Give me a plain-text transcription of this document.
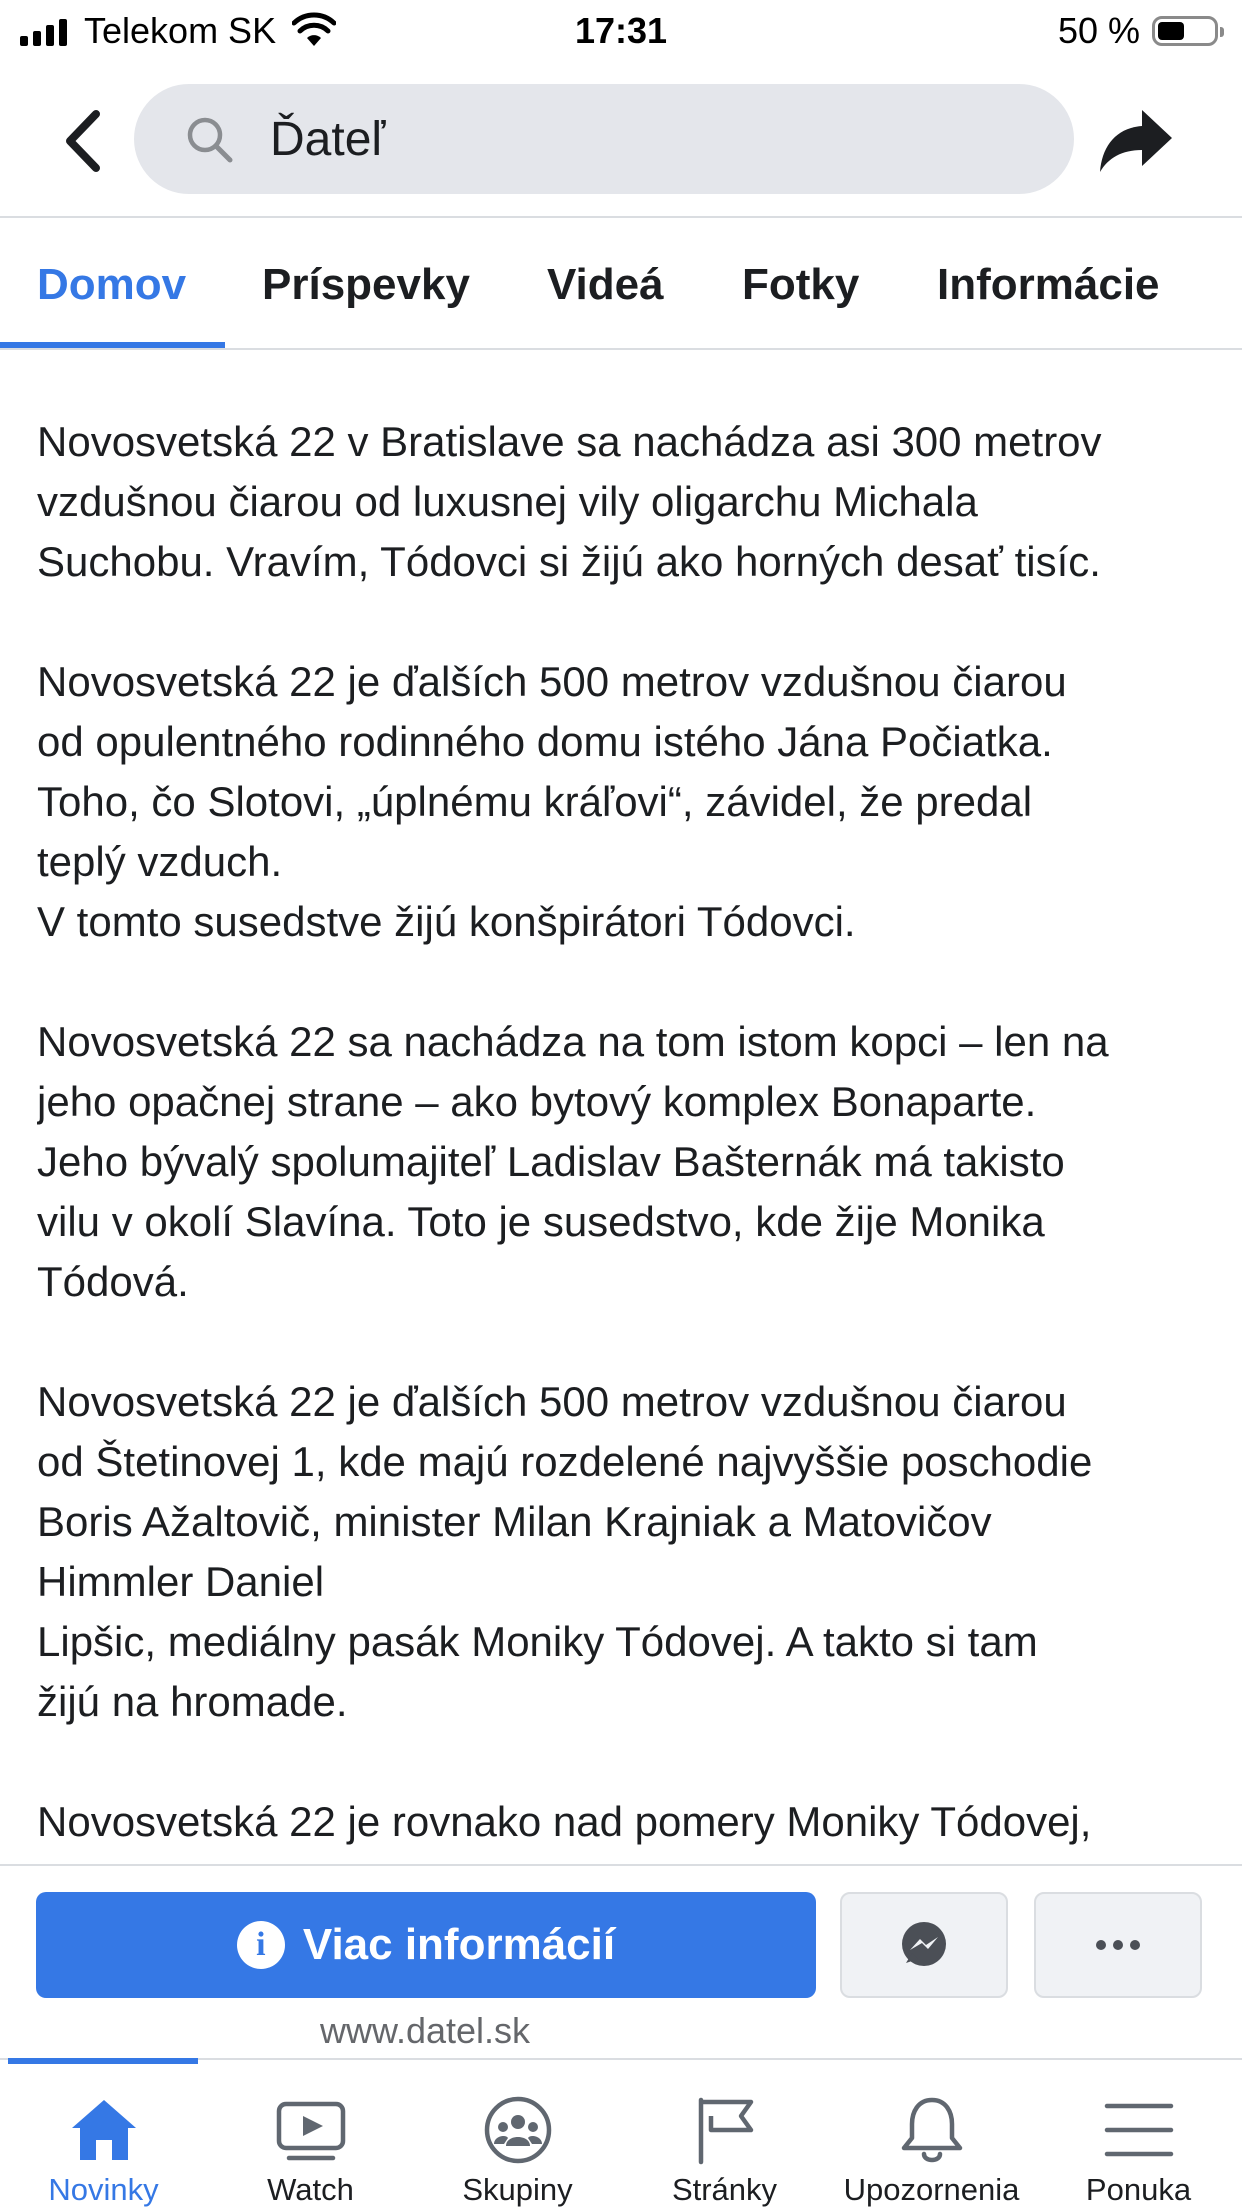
Telekom SK	17:31	50 %
Ďateľ
Domov Príspevky Videá Fotky Informácie

Novosvetská 22 v Bratislave sa nachádza asi 300 metrov
vzdušnou čiarou od luxusnej vily oligarchu Michala
Suchobu. Vravím, Tódovci si žijú ako horných desať tisíc.

Novosvetská 22 je ďalších 500 metrov vzdušnou čiarou
od opulentného rodinného domu istého Jána Počiatka.
Toho, čo Slotovi, „úplnému kráľovi“, závidel, že predal
teplý vzduch.
V tomto susedstve žijú konšpirátori Tódovci.

Novosvetská 22 sa nachádza na tom istom kopci – len na
jeho opačnej strane – ako bytový komplex Bonaparte.
Jeho bývalý spolumajiteľ Ladislav Bašternák má takisto
vilu v okolí Slavína. Toto je susedstvo, kde žije Monika
Tódová.

Novosvetská 22 je ďalších 500 metrov vzdušnou čiarou
od Štetinovej 1, kde majú rozdelené najvyššie poschodie
Boris Ažaltovič, minister Milan Krajniak a Matovičov
Himmler Daniel
Lipšic, mediálny pasák Moniky Tódovej. A takto si tam
žijú na hromade.

Novosvetská 22 je rovnako nad pomery Moniky Tódovej,

i Viac informácií
www.datel.sk
Novinky	Watch	Skupiny	Stránky	Upozornenia	Ponuka
